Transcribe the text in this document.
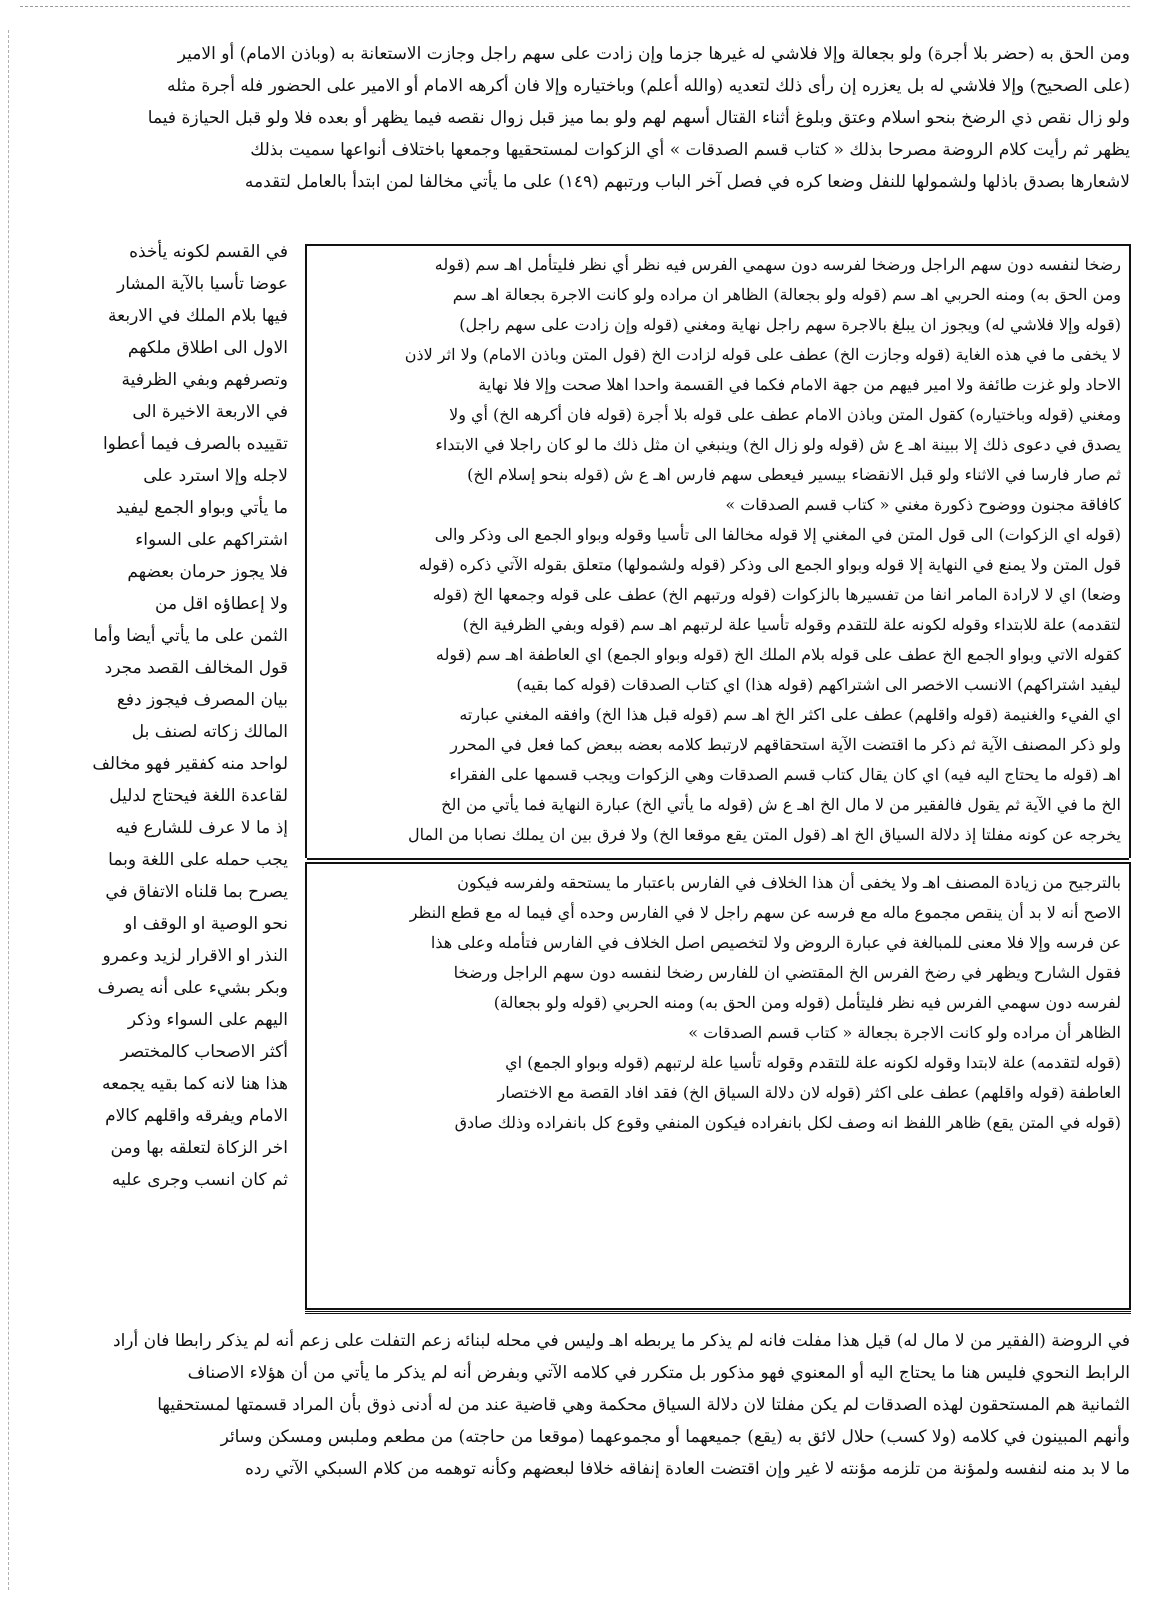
ومن الحق به (حضر بلا أجرة) ولو بجعالة وإلا فلاشي له غيرها جزما وإن زادت على سهم راجل وجازت الاستعانة به (وباذن الامام) أو الامير
(على الصحيح) وإلا فلاشي له بل يعزره إن رأى ذلك لتعديه (والله أعلم) وباختياره وإلا فان أكرهه الامام أو الامير على الحضور فله أجرة مثله
ولو زال نقص ذي الرضخ بنحو اسلام وعتق وبلوغ أثناء القتال أسهم لهم ولو بما ميز قبل زوال نقصه فيما يظهر أو بعده فلا ولو قبل الحيازة فيما
يظهر ثم رأيت كلام الروضة مصرحا بذلك « كتاب قسم الصدقات » أي الزكوات لمستحقيها وجمعها باختلاف أنواعها سميت بذلك
لاشعارها بصدق باذلها ولشمولها للنفل وضعا كره في فصل آخر الباب ورتبهم (١٤٩) على ما يأتي مخالفا لمن ابتدأ بالعامل لتقدمه
في القسم لكونه يأخذه
عوضا تأسيا بالآية المشار
فيها بلام الملك في الاربعة
الاول الى اطلاق ملكهم
وتصرفهم وبفي الظرفية
في الاربعة الاخيرة الى
تقييده بالصرف فيما أعطوا
لاجله وإلا استرد على
ما يأتي وبواو الجمع ليفيد
اشتراكهم على السواء
فلا يجوز حرمان بعضهم
ولا إعطاؤه اقل من
الثمن على ما يأتي أيضا وأما
قول المخالف القصد مجرد
بيان المصرف فيجوز دفع
المالك زكاته لصنف بل
لواحد منه كفقير فهو مخالف
لقاعدة اللغة فيحتاج لدليل
إذ ما لا عرف للشارع فيه
يجب حمله على اللغة وبما
يصرح بما قلناه الاتفاق في
نحو الوصية او الوقف او
النذر او الاقرار لزيد وعمرو
وبكر بشيء على أنه يصرف
اليهم على السواء وذكر
أكثر الاصحاب كالمختصر
هذا هنا لانه كما بقيه يجمعه
الامام ويفرقه واقلهم كالام
اخر الزكاة لتعلقه بها ومن
ثم كان انسب وجرى عليه
رضخا لنفسه دون سهم الراجل ورضخا لفرسه دون سهمي الفرس فيه نظر أي نظر فليتأمل اهـ سم (قوله
ومن الحق به) ومنه الحربي اهـ سم (قوله ولو بجعالة) الظاهر ان مراده ولو كانت الاجرة بجعالة اهـ سم
(قوله وإلا فلاشي له) ويجوز ان يبلغ بالاجرة سهم راجل نهاية ومغني (قوله وإن زادت على سهم راجل)
لا يخفى ما في هذه الغاية (قوله وجازت الخ) عطف على قوله لزادت الخ (قول المتن وباذن الامام) ولا اثر لاذن
الاحاد ولو غزت طائفة ولا امير فيهم من جهة الامام فكما في القسمة واحدا اهلا صحت وإلا فلا نهاية
ومغني (قوله وباختياره) كقول المتن وباذن الامام عطف على قوله بلا أجرة (قوله فان أكرهه الخ) أي ولا
يصدق في دعوى ذلك إلا ببينة اهـ ع ش (قوله ولو زال الخ) وينبغي ان مثل ذلك ما لو كان راجلا في الابتداء
ثم صار فارسا في الاثناء ولو قبل الانقضاء بيسير فيعطى سهم فارس اهـ ع ش (قوله بنحو إسلام الخ)
كافاقة مجنون ووضوح ذكورة مغني « كتاب قسم الصدقات »
(قوله اي الزكوات) الى قول المتن في المغني إلا قوله مخالفا الى تأسيا وقوله وبواو الجمع الى وذكر والى
قول المتن ولا يمنع في النهاية إلا قوله وبواو الجمع الى وذكر (قوله ولشمولها) متعلق بقوله الآتي ذكره (قوله
وضعا) اي لا لارادة المامر انفا من تفسيرها بالزكوات (قوله ورتبهم الخ) عطف على قوله وجمعها الخ (قوله
لتقدمه) علة للابتداء وقوله لكونه علة للتقدم وقوله تأسيا علة لرتبهم اهـ سم (قوله وبفي الظرفية الخ)
كقوله الاتي وبواو الجمع الخ عطف على قوله بلام الملك الخ (قوله وبواو الجمع) اي العاطفة اهـ سم (قوله
ليفيد اشتراكهم) الانسب الاخصر الى اشتراكهم (قوله هذا) اي كتاب الصدقات (قوله كما بقيه)
اي الفيء والغنيمة (قوله واقلهم) عطف على اكثر الخ اهـ سم (قوله قبل هذا الخ) وافقه المغني عبارته
ولو ذكر المصنف الآية ثم ذكر ما اقتضت الآية استحقاقهم لارتبط كلامه بعضه ببعض كما فعل في المحرر
اهـ (قوله ما يحتاج اليه فيه) اي كان يقال كتاب قسم الصدقات وهي الزكوات ويجب قسمها على الفقراء
الخ ما في الآية ثم يقول فالفقير من لا مال الخ اهـ ع ش (قوله ما يأتي الخ) عبارة النهاية فما يأتي من الخ
يخرجه عن كونه مفلتا إذ دلالة السياق الخ اهـ (قول المتن يقع موقعا الخ) ولا فرق بين ان يملك نصابا من المال
بالترجيح من زيادة المصنف اهـ ولا يخفى أن هذا الخلاف في الفارس باعتبار ما يستحقه ولفرسه فيكون
الاصح أنه لا بد أن ينقص مجموع ماله مع فرسه عن سهم راجل لا في الفارس وحده أي فيما له مع قطع النظر
عن فرسه وإلا فلا معنى للمبالغة في عبارة الروض ولا لتخصيص اصل الخلاف في الفارس فتأمله وعلى هذا
فقول الشارح ويظهر في رضخ الفرس الخ المقتضي ان للفارس رضخا لنفسه دون سهم الراجل ورضخا
لفرسه دون سهمي الفرس فيه نظر فليتأمل (قوله ومن الحق به) ومنه الحربي (قوله ولو بجعالة)
الظاهر أن مراده ولو كانت الاجرة بجعالة « كتاب قسم الصدقات »
(قوله لتقدمه) علة لابتدا وقوله لكونه علة للتقدم وقوله تأسيا علة لرتبهم (قوله وبواو الجمع) اي
العاطفة (قوله واقلهم) عطف على اكثر (قوله لان دلالة السياق الخ) فقد افاد القصة مع الاختصار
(قوله في المتن يقع) ظاهر اللفظ انه وصف لكل بانفراده فيكون المنفي وقوع كل بانفراده وذلك صادق
في الروضة (الفقير من لا مال له) قيل هذا مفلت فانه لم يذكر ما يربطه اهـ وليس في محله لبنائه زعم التفلت على زعم أنه لم يذكر رابطا فان أراد
الرابط النحوي فليس هنا ما يحتاج اليه أو المعنوي فهو مذكور بل متكرر في كلامه الآتي وبفرض أنه لم يذكر ما يأتي من أن هؤلاء الاصناف
الثمانية هم المستحقون لهذه الصدقات لم يكن مفلتا لان دلالة السياق محكمة وهي قاضية عند من له أدنى ذوق بأن المراد قسمتها لمستحقيها
وأنهم المبينون في كلامه (ولا كسب) حلال لائق به (يقع) جميعهما أو مجموعهما (موقعا من حاجته) من مطعم وملبس ومسكن وسائر
ما لا بد منه لنفسه ولمؤنة من تلزمه مؤنته لا غير وإن اقتضت العادة إنفاقه خلافا لبعضهم وكأنه توهمه من كلام السبكي الآتي رده
